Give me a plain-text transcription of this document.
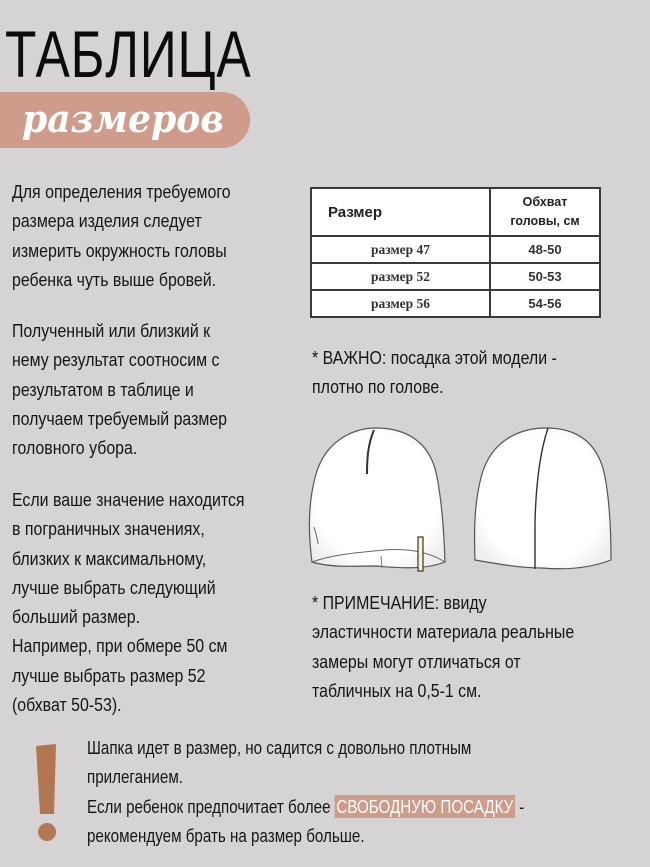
ТАБЛИЦА
размеров
Для определения требуемого
размера изделия следует
измерить окружность головы
ребенка чуть выше бровей.
Полученный или близкий к
нему результат соотносим с
результатом в таблице и
получаем требуемый размер
головного убора.
Если ваше значение находится
в пограничных значениях,
близких к максимальному,
лучше выбрать следующий
больший размер.
Например, при обмере 50 см
лучше выбрать размер 52
(обхват 50-53).
Размер	Обхват
головы, см

размер 47	48-50
размер 52	50-53
размер 56	54-56
* ВАЖНО: посадка этой модели -
плотно по голове.
* ПРИМЕЧАНИЕ: ввиду
эластичности материала реальные
замеры могут отличаться от
табличных на 0,5-1 см.
Шапка идет в размер, но садится с довольно плотным
прилеганием.
Если ребенок предпочитает более СВОБОДНУЮ ПОСАДКУ -
рекомендуем брать на размер больше.
